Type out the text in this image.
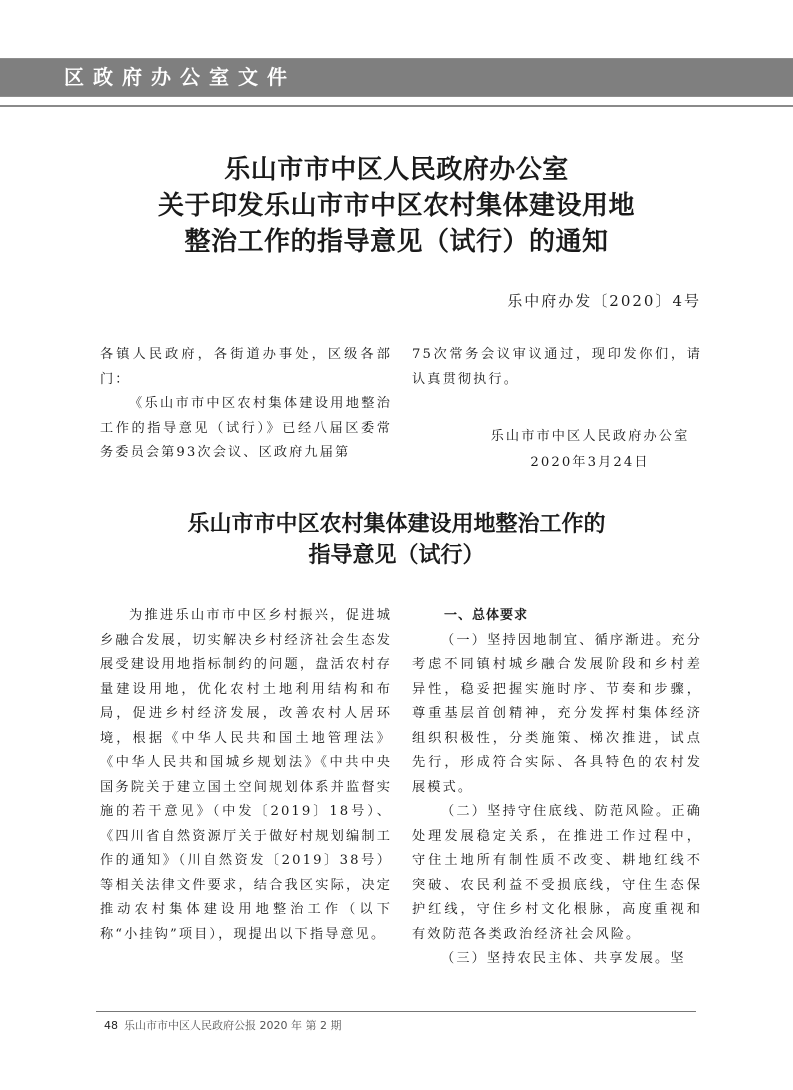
区政府办公室文件
乐山市市中区人民政府办公室
关于印发乐山市市中区农村集体建设用地
整治工作的指导意见（试行）的通知
乐中府办发〔2020〕4号

各镇人民政府，各街道办事处，区级各部门：

《乐山市市中区农村集体建设用地整治工作的指导意见（试行）》已经八届区委常务委员会第93次会议、区政府九届第

75次常务会议审议通过，现印发你们，请认真贯彻执行。

乐山市市中区人民政府办公室
2020年3月24日
乐山市市中区农村集体建设用地整治工作的
指导意见（试行）

为推进乐山市市中区乡村振兴，促进城乡融合发展，切实解决乡村经济社会生态发展受建设用地指标制约的问题，盘活农村存量建设用地，优化农村土地利用结构和布局，促进乡村经济发展，改善农村人居环境，根据《中华人民共和国土地管理法》《中华人民共和国城乡规划法》《中共中央　国务院关于建立国土空间规划体系并监督实施的若干意见》（中发〔2019〕18号）、《四川省自然资源厅关于做好村规划编制工作的通知》（川自然资发〔2019〕38号）等相关法律文件要求，结合我区实际，决定推动农村集体建设用地整治工作（以下称“小挂钩”项目），现提出以下指导意见。

一、总体要求

（一）坚持因地制宜、循序渐进。充分考虑不同镇村城乡融合发展阶段和乡村差异性，稳妥把握实施时序、节奏和步骤，尊重基层首创精神，充分发挥村集体经济组织积极性，分类施策、梯次推进，试点先行，形成符合实际、各具特色的农村发展模式。

（二）坚持守住底线、防范风险。正确处理发展稳定关系，在推进工作过程中，守住土地所有制性质不改变、耕地红线不突破、农民利益不受损底线，守住生态保护红线，守住乡村文化根脉，高度重视和有效防范各类政治经济社会风险。

（三）坚持农民主体、共享发展。坚

48 乐山市市中区人民政府公报 2020 年 第 2 期
